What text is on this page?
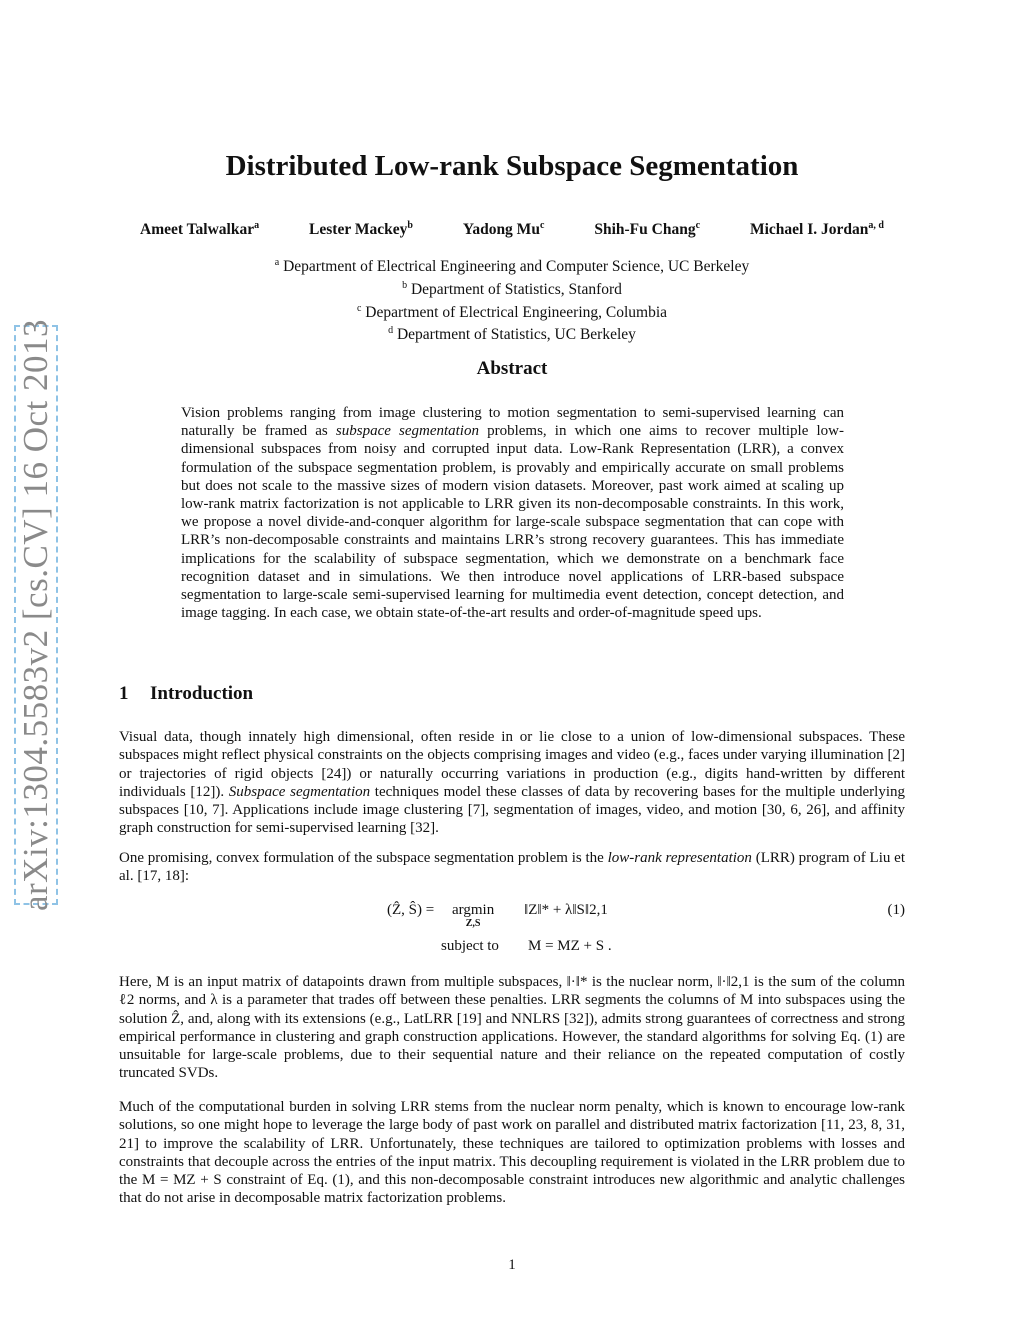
arXiv:1304.5583v2 [cs.CV] 16 Oct 2013
Distributed Low-rank Subspace Segmentation
Ameet Talwalkar$^a$	Lester Mackey$^b$	Yadong Mu$^c$	Shih-Fu Chang$^c$	Michael I. Jordan$^{a, d}$
$^a$ Department of Electrical Engineering and Computer Science, UC Berkeley
$^b$ Department of Statistics, Stanford
$^c$ Department of Electrical Engineering, Columbia
$^d$ Department of Statistics, UC Berkeley
Abstract

Vision problems ranging from image clustering to motion segmentation to semi-supervised learning can naturally be framed as subspace segmentation problems, in which one aims to recover multiple low-dimensional subspaces from noisy and corrupted input data. Low-Rank Representation (LRR), a convex formulation of the subspace segmentation problem, is provably and empirically accurate on small problems but does not scale to the massive sizes of modern vision datasets. Moreover, past work aimed at scaling up low-rank matrix factorization is not applicable to LRR given its non-decomposable constraints. In this work, we propose a novel divide-and-conquer algorithm for large-scale subspace segmentation that can cope with LRR’s non-decomposable constraints and maintains LRR’s strong recovery guarantees. This has immediate implications for the scalability of subspace segmentation, which we demonstrate on a benchmark face recognition dataset and in simulations. We then introduce novel applications of LRR-based subspace segmentation to large-scale semi-supervised learning for multimedia event detection, concept detection, and image tagging. In each case, we obtain state-of-the-art results and order-of-magnitude speed ups.

1 Introduction

Visual data, though innately high dimensional, often reside in or lie close to a union of low-dimensional subspaces. These subspaces might reflect physical constraints on the objects comprising images and video (e.g., faces under varying illumination [2] or trajectories of rigid objects [24]) or naturally occurring variations in production (e.g., digits hand-written by different individuals [12]). Subspace segmentation techniques model these classes of data by recovering bases for the multiple underlying subspaces [10, 7]. Applications include image clustering [7], segmentation of images, video, and motion [30, 6, 26], and affinity graph construction for semi-supervised learning [32].

One promising, convex formulation of the subspace segmentation problem is the low-rank representation (LRR) program of Liu et al. [17, 18]:

(Ẑ, Ŝ) = argmin
Z,S
‖Z‖* + λ‖S‖2,1	(1)
subject to M = MZ + S .

Here, M is an input matrix of datapoints drawn from multiple subspaces, ‖·‖* is the nuclear norm, ‖·‖2,1 is the sum of the column ℓ2 norms, and λ is a parameter that trades off between these penalties. LRR segments the columns of M into subspaces using the solution Ẑ, and, along with its extensions (e.g., LatLRR [19] and NNLRS [32]), admits strong guarantees of correctness and strong empirical performance in clustering and graph construction applications. However, the standard algorithms for solving Eq. (1) are unsuitable for large-scale problems, due to their sequential nature and their reliance on the repeated computation of costly truncated SVDs.

Much of the computational burden in solving LRR stems from the nuclear norm penalty, which is known to encourage low-rank solutions, so one might hope to leverage the large body of past work on parallel and distributed matrix factorization [11, 23, 8, 31, 21] to improve the scalability of LRR. Unfortunately, these techniques are tailored to optimization problems with losses and constraints that decouple across the entries of the input matrix. This decoupling requirement is violated in the LRR problem due to the M = MZ + S constraint of Eq. (1), and this non-decomposable constraint introduces new algorithmic and analytic challenges that do not arise in decomposable matrix factorization problems.

1
